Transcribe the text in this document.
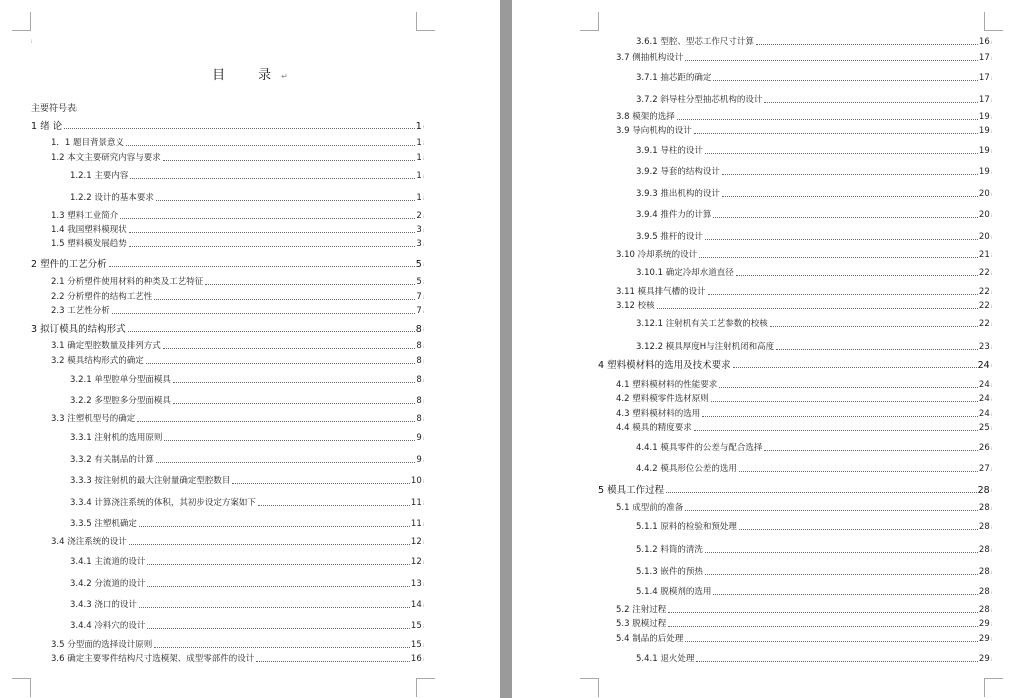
ᵢ
目　录↵
主要符号表ᵢ
1 绪 论	1 ᵢ
1．1 题目背景意义	1 ᵢ
1.2 本文主要研究内容与要求	1 ᵢ
1.2.1 主要内容	1 ᵢ
1.2.2 设计的基本要求	1 ᵢ
1.3 塑料工业简介	2 ᵢ
1.4 我国塑料模现状	3 ᵢ
1.5 塑料模发展趋势	3 ᵢ
2 塑件的工艺分析	5 ᵢ
2.1 分析塑件使用材料的种类及工艺特征	5 ᵢ
2.2 分析塑件的结构工艺性	7 ᵢ
2.3 工艺性分析	7 ᵢ
3 拟订模具的结构形式	8 ᵢ
3.1 确定型腔数量及排列方式	8 ᵢ
3.2 模具结构形式的确定	8 ᵢ
3.2.1 单型腔单分型面模具	8 ᵢ
3.2.2 多型腔多分型面模具	8 ᵢ
3.3 注塑机型号的确定	8 ᵢ
3.3.1 注射机的选用原则	9 ᵢ
3.3.2 有关制品的计算	9 ᵢ
3.3.3 按注射机的最大注射量确定型腔数目	10 ᵢ
3.3.4 计算浇注系统的体积，其初步设定方案如下	11 ᵢ
3.3.5 注塑机确定	11 ᵢ
3.4 浇注系统的设计	12 ᵢ
3.4.1 主流道的设计	12 ᵢ
3.4.2 分流道的设计	13 ᵢ
3.4.3 浇口的设计	14 ᵢ
3.4.4 冷料穴的设计	15 ᵢ
3.5 分型面的选择设计原则	15 ᵢ
3.6 确定主要零件结构尺寸选模架、成型零部件的设计	16 ᵢ
3.6.1 型腔、型芯工作尺寸计算	16 ᵢ
3.7 侧抽机构设计	17 ᵢ
3.7.1 抽芯距的确定	17 ᵢ
3.7.2 斜导柱分型抽芯机构的设计	17 ᵢ
3.8 模架的选择	19 ᵢ
3.9 导向机构的设计	19 ᵢ
3.9.1 导柱的设计	19 ᵢ
3.9.2 导套的结构设计	19 ᵢ
3.9.3 推出机构的设计	20 ᵢ
3.9.4 推件力的计算	20 ᵢ
3.9.5 推杆的设计	20 ᵢ
3.10 冷却系统的设计	21 ᵢ
3.10.1 确定冷却水道直径	22 ᵢ
3.11 模具排气槽的设计	22 ᵢ
3.12 校核	22 ᵢ
3.12.1 注射机有关工艺参数的校核	22 ᵢ
3.12.2 模具厚度H与注射机闭和高度	23 ᵢ
4 塑料模材料的选用及技术要求	24 ᵢ
4.1 塑料模材料的性能要求	24 ᵢ
4.2 塑料模零件选材原则	24 ᵢ
4.3 塑料模材料的选用	24 ᵢ
4.4 模具的精度要求	25 ᵢ
4.4.1 模具零件的公差与配合选择	26 ᵢ
4.4.2 模具形位公差的选用	27 ᵢ
5 模具工作过程	28 ᵢ
5.1 成型前的准备	28 ᵢ
5.1.1 原料的检验和预处理	28 ᵢ
5.1.2 料筒的清洗	28 ᵢ
5.1.3 嵌件的预热	28 ᵢ
5.1.4 脱模剂的选用	28 ᵢ
5.2 注射过程	28 ᵢ
5.3 脱模过程	29 ᵢ
5.4 制品的后处理	29 ᵢ
5.4.1 退火处理	29 ᵢ
